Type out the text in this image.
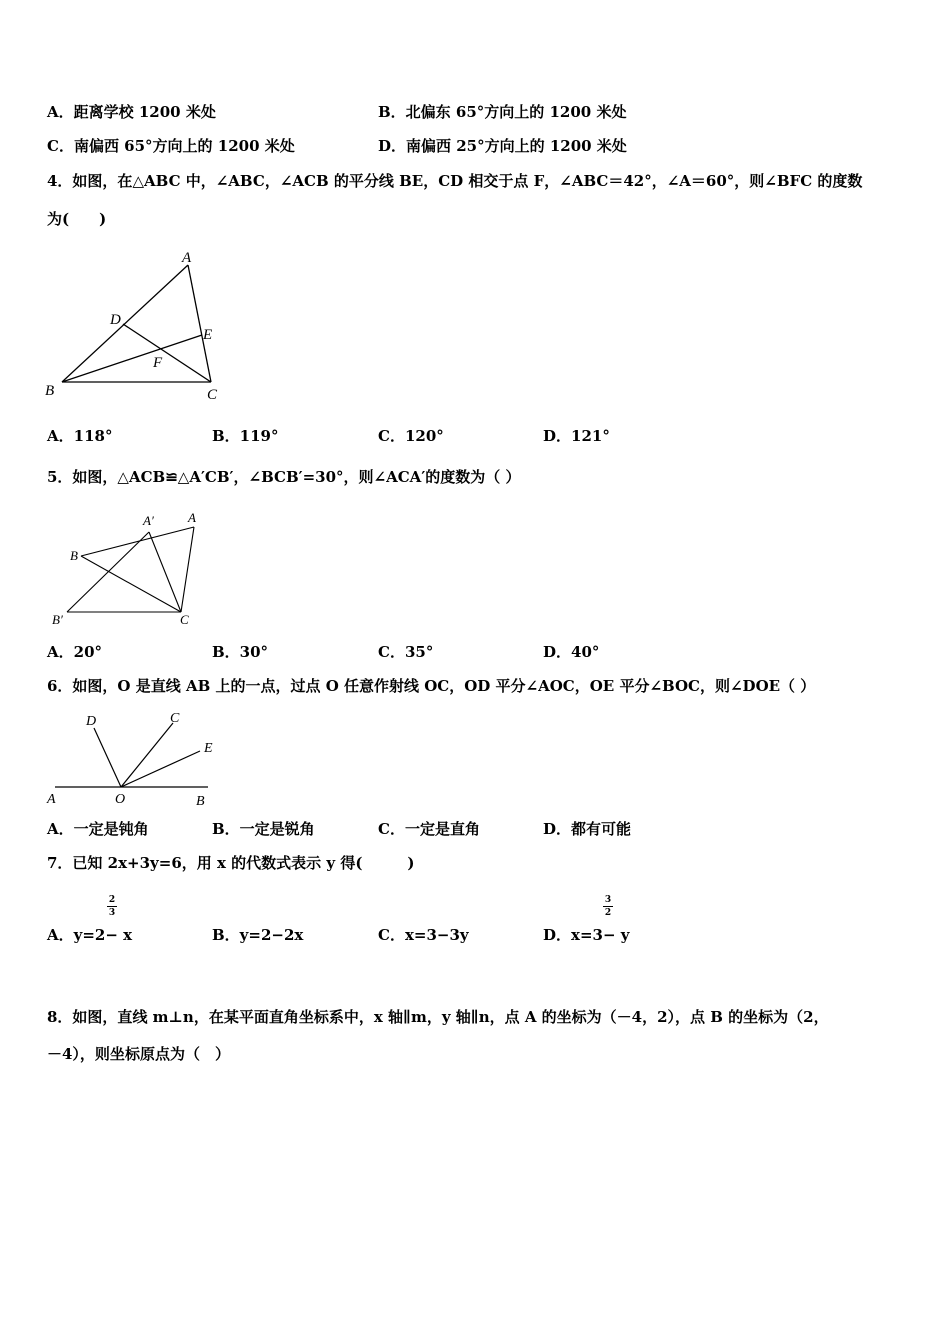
A．距离学校 1200 米处	B．北偏东 65°方向上的 1200 米处
C．南偏西 65°方向上的 1200 米处	D．南偏西 25°方向上的 1200 米处
4．如图，在△ABC 中，∠ABC，∠ACB 的平分线 BE，CD 相交于点 F，∠ABC＝42°，∠A＝60°，则∠BFC 的度数
为(　　)
A
B	C
D
E
F
A．118°	B．119°	C．120°	D．121°
5．如图，△ACB≌△A′CB′，∠BCB′=30°，则∠ACA′的度数为（ ）
A
A′
B
B′	C
A．20°	B．30°	C．35°	D．40°
6．如图，O 是直线 AB 上的一点，过点 O 任意作射线 OC，OD 平分∠AOC，OE 平分∠BOC，则∠DOE（ ）
D	C
E
A	O	B
A．一定是钝角	B．一定是锐角	C．一定是直角	D．都有可能
7．已知 2x+3y=6，用 x 的代数式表示 y 得(　　　)
2
3
3
2
A．y=2− x	B．y=2−2x	C．x=3−3y	D．x=3− y
8．如图，直线 m⊥n，在某平面直角坐标系中，x 轴∥m，y 轴∥n，点 A 的坐标为（－4，2），点 B 的坐标为（2，
－4），则坐标原点为（　）
